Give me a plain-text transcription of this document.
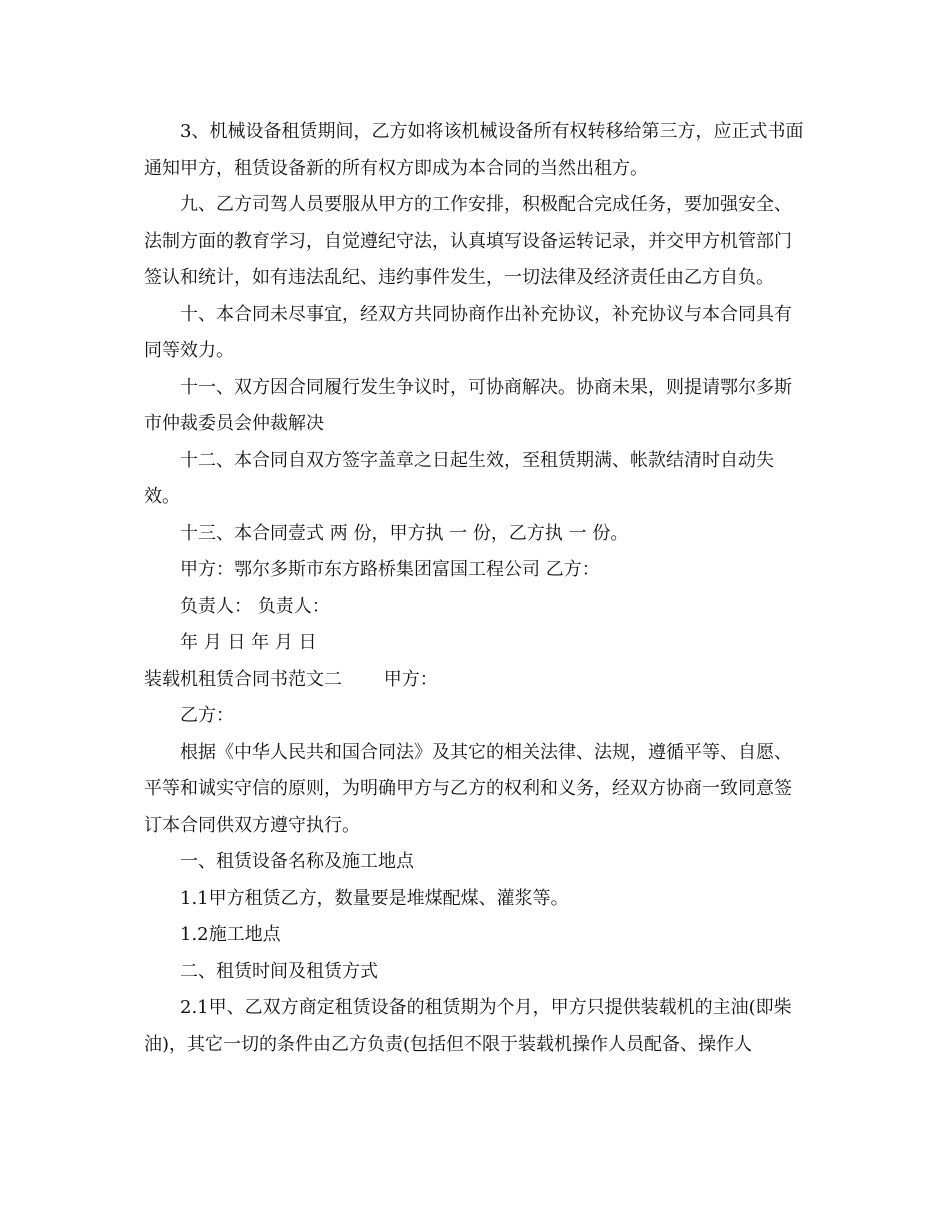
3、机械设备租赁期间，乙方如将该机械设备所有权转移给第三方，应正式书面通知甲方，租赁设备新的所有权方即成为本合同的当然出租方。

九、乙方司驾人员要服从甲方的工作安排，积极配合完成任务，要加强安全、法制方面的教育学习，自觉遵纪守法，认真填写设备运转记录，并交甲方机管部门签认和统计，如有违法乱纪、违约事件发生，一切法律及经济责任由乙方自负。

十、本合同未尽事宜，经双方共同协商作出补充协议，补充协议与本合同具有同等效力。

十一、双方因合同履行发生争议时，可协商解决。协商未果，则提请鄂尔多斯市仲裁委员会仲裁解决

十二、本合同自双方签字盖章之日起生效，至租赁期满、帐款结清时自动失效。

十三、本合同壹式 两 份，甲方执 一 份，乙方执 一 份。

甲方：鄂尔多斯市东方路桥集团富国工程公司 乙方：

负责人： 负责人：

年 月 日 年 月 日

装载机租赁合同书范文二　　 甲方：

乙方：

根据《中华人民共和国合同法》及其它的相关法律、法规，遵循平等、自愿、平等和诚实守信的原则，为明确甲方与乙方的权利和义务，经双方协商一致同意签订本合同供双方遵守执行。

一、租赁设备名称及施工地点

1.1甲方租赁乙方，数量要是堆煤配煤、灌浆等。

1.2施工地点

二、租赁时间及租赁方式

2.1甲、乙双方商定租赁设备的租赁期为个月，甲方只提供装载机的主油(即柴油)，其它一切的条件由乙方负责(包括但不限于装载机操作人员配备、操作人
